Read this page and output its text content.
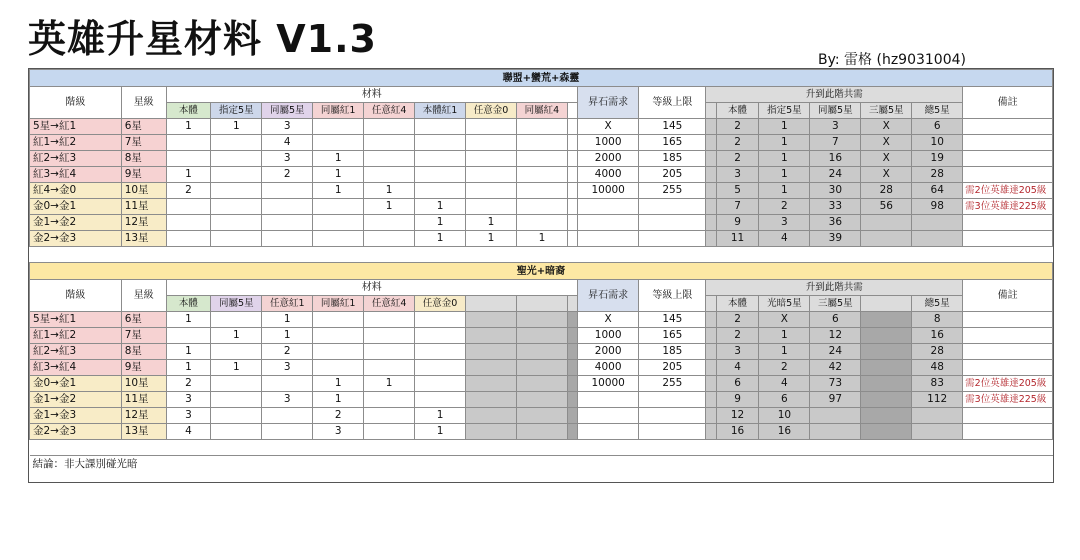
英雄升星材料 V1.3	By: 雷格 (hz9031004)
聯盟+蠻荒+森靈																			
階級	星級	材料									昇石需求	等級上限	升到此階共需						備註
		本體	指定5星	同屬5星	同屬紅1	任意紅4	本體紅1	任意金0	同屬紅4					本體	指定5星	同屬5星	三屬5星	總5星	
5星→紅1	6星	1	1	3							X	145		2	1	3	X	6	
紅1→紅2	7星			4							1000	165		2	1	7	X	10	
紅2→紅3	8星			3	1						2000	185		2	1	16	X	19	
紅3→紅4	9星	1		2	1						4000	205		3	1	24	X	28	
紅4→金0	10星	2			1	1					10000	255		5	1	30	28	64	需2位英雄達205級
金0→金1	11星					1	1							7	2	33	56	98	需3位英雄達225級
金1→金2	12星						1	1						9	3	36			
金2→金3	13星						1	1	1					11	4	39			

聖光+暗裔																			
階級	星級	材料									昇石需求	等級上限	升到此階共需						備註
		本體	同屬5星	任意紅1	同屬紅1	任意紅4	任意金0							本體	光暗5星	三屬5星		總5星	
5星→紅1	6星	1		1							X	145		2	X	6		8	
紅1→紅2	7星		1	1							1000	165		2	1	12		16	
紅2→紅3	8星	1		2							2000	185		3	1	24		28	
紅3→紅4	9星	1	1	3							4000	205		4	2	42		48	
金0→金1	10星	2			1	1					10000	255		6	4	73		83	需2位英雄達205級
金1→金2	11星	3		3	1									9	6	97		112	需3位英雄達225級
金1→金3	12星	3			2		1							12	10				
金2→金3	13星	4			3		1							16	16				

結論：非大課別碰光暗																			
